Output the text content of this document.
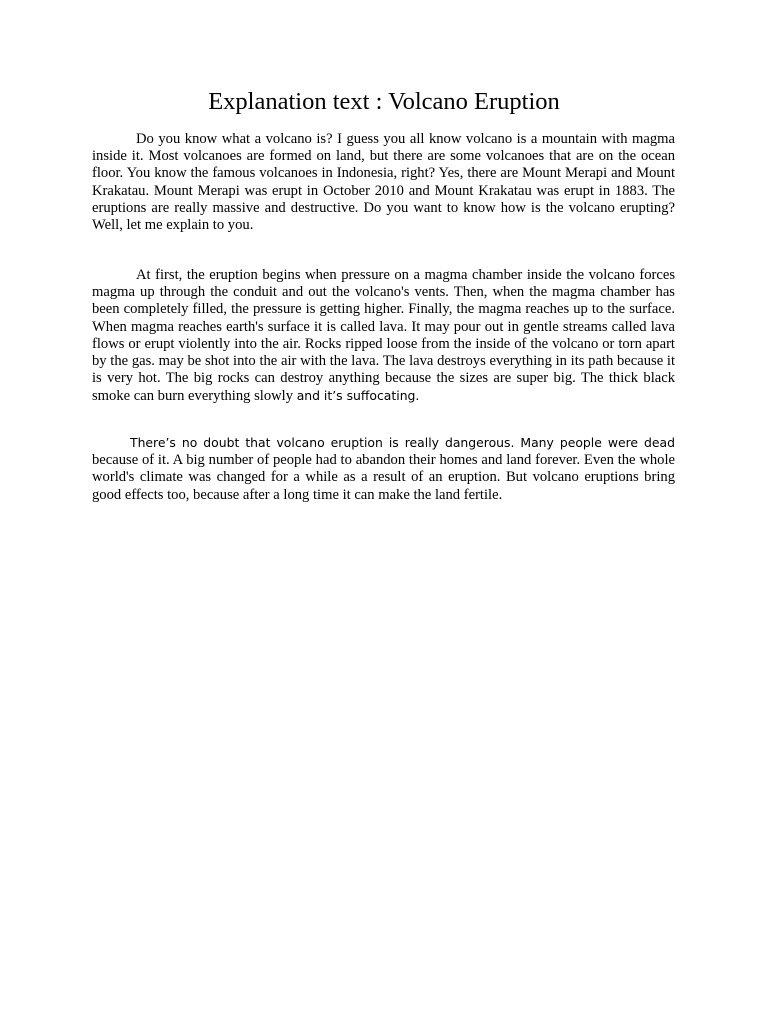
Explanation text : Volcano Eruption

Do you know what a volcano is? I guess you all know volcano is a mountain with magma inside it. Most volcanoes are formed on land, but there are some volcanoes that are on the ocean floor. You know the famous volcanoes in Indonesia, right? Yes, there are Mount Merapi and Mount Krakatau. Mount Merapi was erupt in October 2010 and Mount Krakatau was erupt in 1883. The eruptions are really massive and destructive. Do you want to know how is the volcano erupting? Well, let me explain to you.

At first, the eruption begins when pressure on a magma chamber inside the volcano forces magma up through the conduit and out the volcano's vents. Then, when the magma chamber has been completely filled, the pressure is getting higher. Finally, the magma reaches up to the surface. When magma reaches earth's surface it is called lava. It may pour out in gentle streams called lava flows or erupt violently into the air. Rocks ripped loose from the inside of the volcano or torn apart by the gas. may be shot into the air with the lava. The lava destroys everything in its path because it is very hot. The big rocks can destroy anything because the sizes are super big. The thick black smoke can burn everything slowly and it’s suffocating.

There’s no doubt that volcano eruption is really dangerous. Many people were dead because of it. A big number of people had to abandon their homes and land forever. Even the whole world's climate was changed for a while as a result of an eruption. But volcano eruptions bring good effects too, because after a long time it can make the land fertile.
